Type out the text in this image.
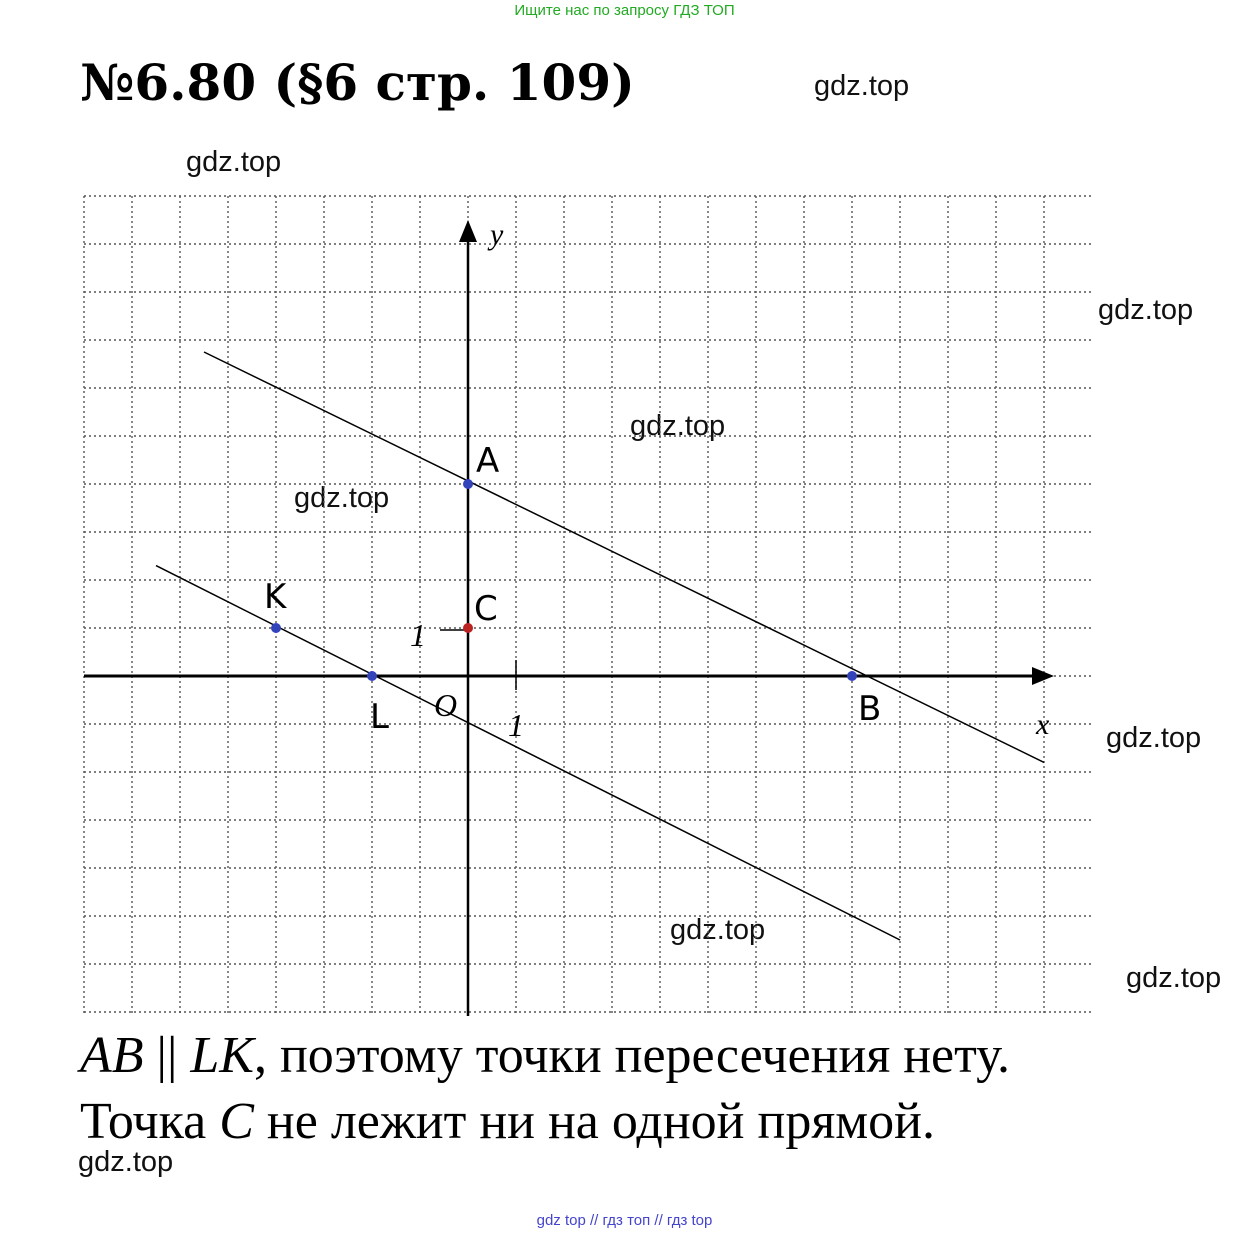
Ищите нас по запросу ГДЗ ТОП
№6.80 (§6 стр. 109)	gdz.top
gdz.top
gdz.top
gdz.top
gdz.top
gdz.top
gdz.top
gdz.top
gdz.top
x
y
O
1
1
A
B
K
L
C
AB || LK, поэтому точки пересечения нету.
Точка C не лежит ни на одной прямой.
gdz top // гдз топ // гдз top
